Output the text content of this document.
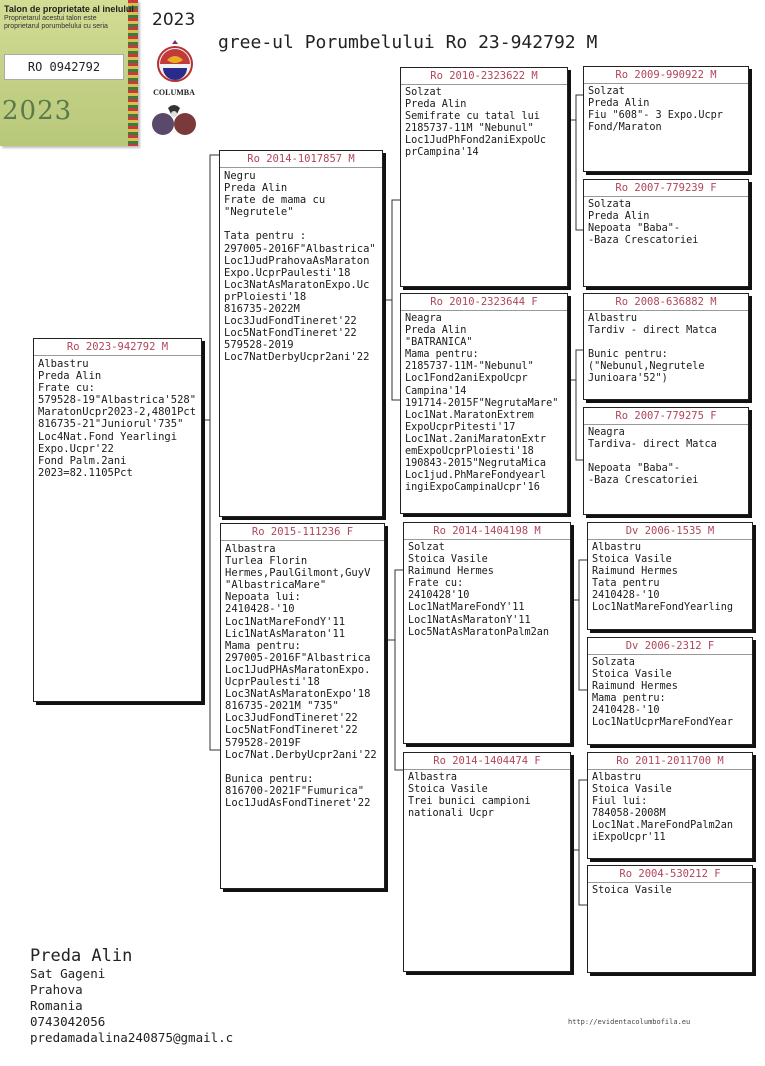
Talon de proprietate al inelului
Proprietarul acestui talon este
proprietarul porumbelului cu seria
RO 0942792
2023
2023
COLUMBA
gree-ul Porumbelului Ro 23-942792 M
Ro 2023-942792 M
Albastru
Preda Alin
Frate cu:
579528-19"Albastrica'528"
MaratonUcpr2023-2,4801Pct
816735-21"Juniorul'735"
Loc4Nat.Fond Yearlingi
Expo.Ucpr'22
Fond Palm.2ani
2023=82.1105Pct
Ro 2014-1017857 M
Negru
Preda Alin
Frate de mama cu
"Negrutele"

Tata pentru :
297005-2016F"Albastrica"
Loc1JudPrahovaAsMaraton
Expo.UcprPaulesti'18
Loc3NatAsMaratonExpo.Uc
prPloiesti'18
816735-2022M
Loc3JudFondTineret'22
Loc5NatFondTineret'22
579528-2019
Loc7NatDerbyUcpr2ani'22
Ro 2015-111236 F
Albastra
Turlea Florin
Hermes,PaulGilmont,GuyV
"AlbastricaMare"
Nepoata lui:
2410428-'10
Loc1NatMareFondY'11
Lic1NatAsMaraton'11
Mama pentru:
297005-2016F"Albastrica
Loc1JudPHAsMaratonExpo.
UcprPaulesti'18
Loc3NatAsMaratonExpo'18
816735-2021M "735"
Loc3JudFondTineret'22
Loc5NatFondTineret'22
579528-2019F
Loc7Nat.DerbyUcpr2ani'22

Bunica pentru:
816700-2021F"Fumurica"
Loc1JudAsFondTineret'22
Ro 2010-2323622 M
Solzat
Preda Alin
Semifrate cu tatal lui
2185737-11M "Nebunul"
Loc1JudPhFond2aniExpoUc
prCampina'14
Ro 2010-2323644 F
Neagra
Preda Alin
"BATRANICA"
Mama pentru:
2185737-11M-"Nebunul"
Loc1Fond2aniExpoUcpr
Campina'14
191714-2015F"NegrutaMare"
Loc1Nat.MaratonExtrem
ExpoUcprPitesti'17
Loc1Nat.2aniMaratonExtr
emExpoUcprPloiesti'18
190843-2015"NegrutaMica
Loc1jud.PhMareFondyearl
ingiExpoCampinaUcpr'16
Ro 2014-1404198 M
Solzat
Stoica Vasile
Raimund Hermes
Frate cu:
2410428'10
Loc1NatMareFondY'11
Loc1NatAsMaratonY'11
Loc5NatAsMaratonPalm2an
Ro 2014-1404474 F
Albastra
Stoica Vasile
Trei bunici campioni
nationali Ucpr
Ro 2009-990922 M
Solzat
Preda Alin
Fiu "608"- 3 Expo.Ucpr
Fond/Maraton
Ro 2007-779239 F
Solzata
Preda Alin
Nepoata "Baba"-
-Baza Crescatoriei
Ro 2008-636882 M
Albastru
Tardiv - direct Matca

Bunic pentru:
("Nebunul,Negrutele
Junioara'52")
Ro 2007-779275 F
Neagra
Tardiva- direct Matca

Nepoata "Baba"-
-Baza Crescatoriei
Dv 2006-1535 M
Albastru
Stoica Vasile
Raimund Hermes
Tata pentru
2410428-'10
Loc1NatMareFondYearling
Dv 2006-2312 F
Solzata
Stoica Vasile
Raimund Hermes
Mama pentru:
2410428-'10
Loc1NatUcprMareFondYear
Ro 2011-2011700 M
Albastru
Stoica Vasile
Fiul lui:
784058-2008M
Loc1Nat.MareFondPalm2an
iExpoUcpr'11
Ro 2004-530212 F
Stoica Vasile
Preda Alin
Sat Gageni
Prahova
Romania
0743042056
predamadalina240875@gmail.c
http://evidentacolumbofila.eu
